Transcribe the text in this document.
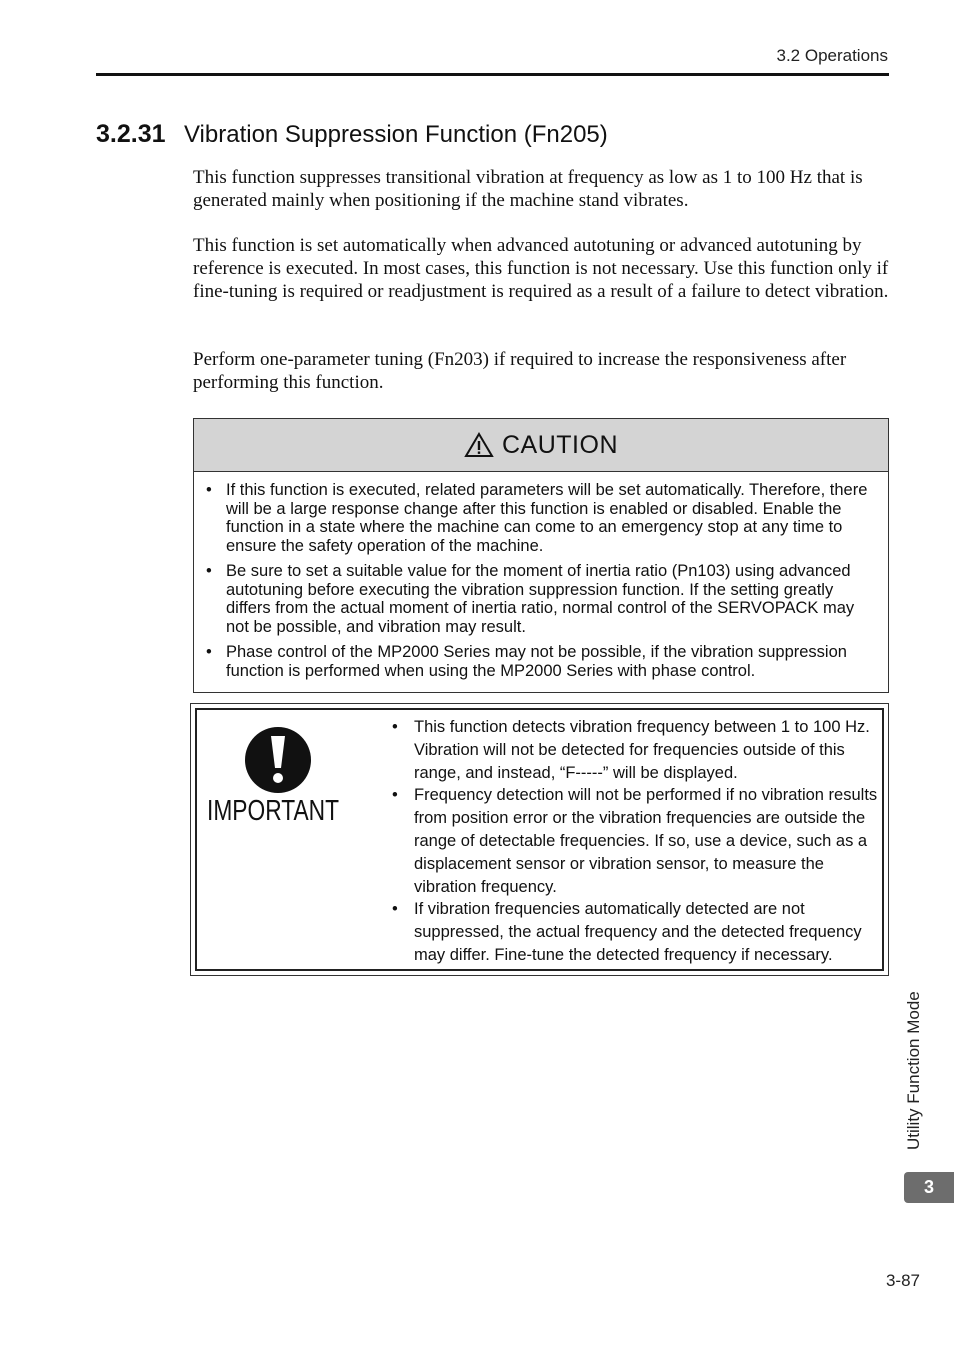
3.2 Operations
3.2.31 Vibration Suppression Function (Fn205)
This function suppresses transitional vibration at frequency as low as 1 to 100 Hz that is generated mainly when positioning if the machine stand vibrates.
This function is set automatically when advanced autotuning or advanced autotuning by reference is executed. In most cases, this function is not necessary. Use this function only if fine-tuning is required or readjustment is required as a result of a failure to detect vibration.
Perform one-parameter tuning (Fn203) if required to increase the responsiveness after performing this function.
CAUTION
• If this function is executed, related parameters will be set automatically. Therefore, there will be a large response change after this function is enabled or disabled. Enable the function in a state where the machine can come to an emergency stop at any time to ensure the safety operation of the machine.
• Be sure to set a suitable value for the moment of inertia ratio (Pn103) using advanced autotuning before executing the vibration suppression function. If the setting greatly differs from the actual moment of inertia ratio, normal control of the SERVOPACK may not be possible, and vibration may result.
• Phase control of the MP2000 Series may not be possible, if the vibration suppression function is performed when using the MP2000 Series with phase control.
IMPORTANT
• This function detects vibration frequency between 1 to 100 Hz. Vibration will not be detected for frequencies outside of this range, and instead, “F-----” will be displayed.
• Frequency detection will not be performed if no vibration results from position error or the vibration frequencies are outside the range of detectable frequencies. If so, use a device, such as a displacement sensor or vibration sensor, to measure the vibration frequency.
• If vibration frequencies automatically detected are not suppressed, the actual frequency and the detected frequency may differ. Fine-tune the detected frequency if necessary.
Utility Function Mode
3
3-87
